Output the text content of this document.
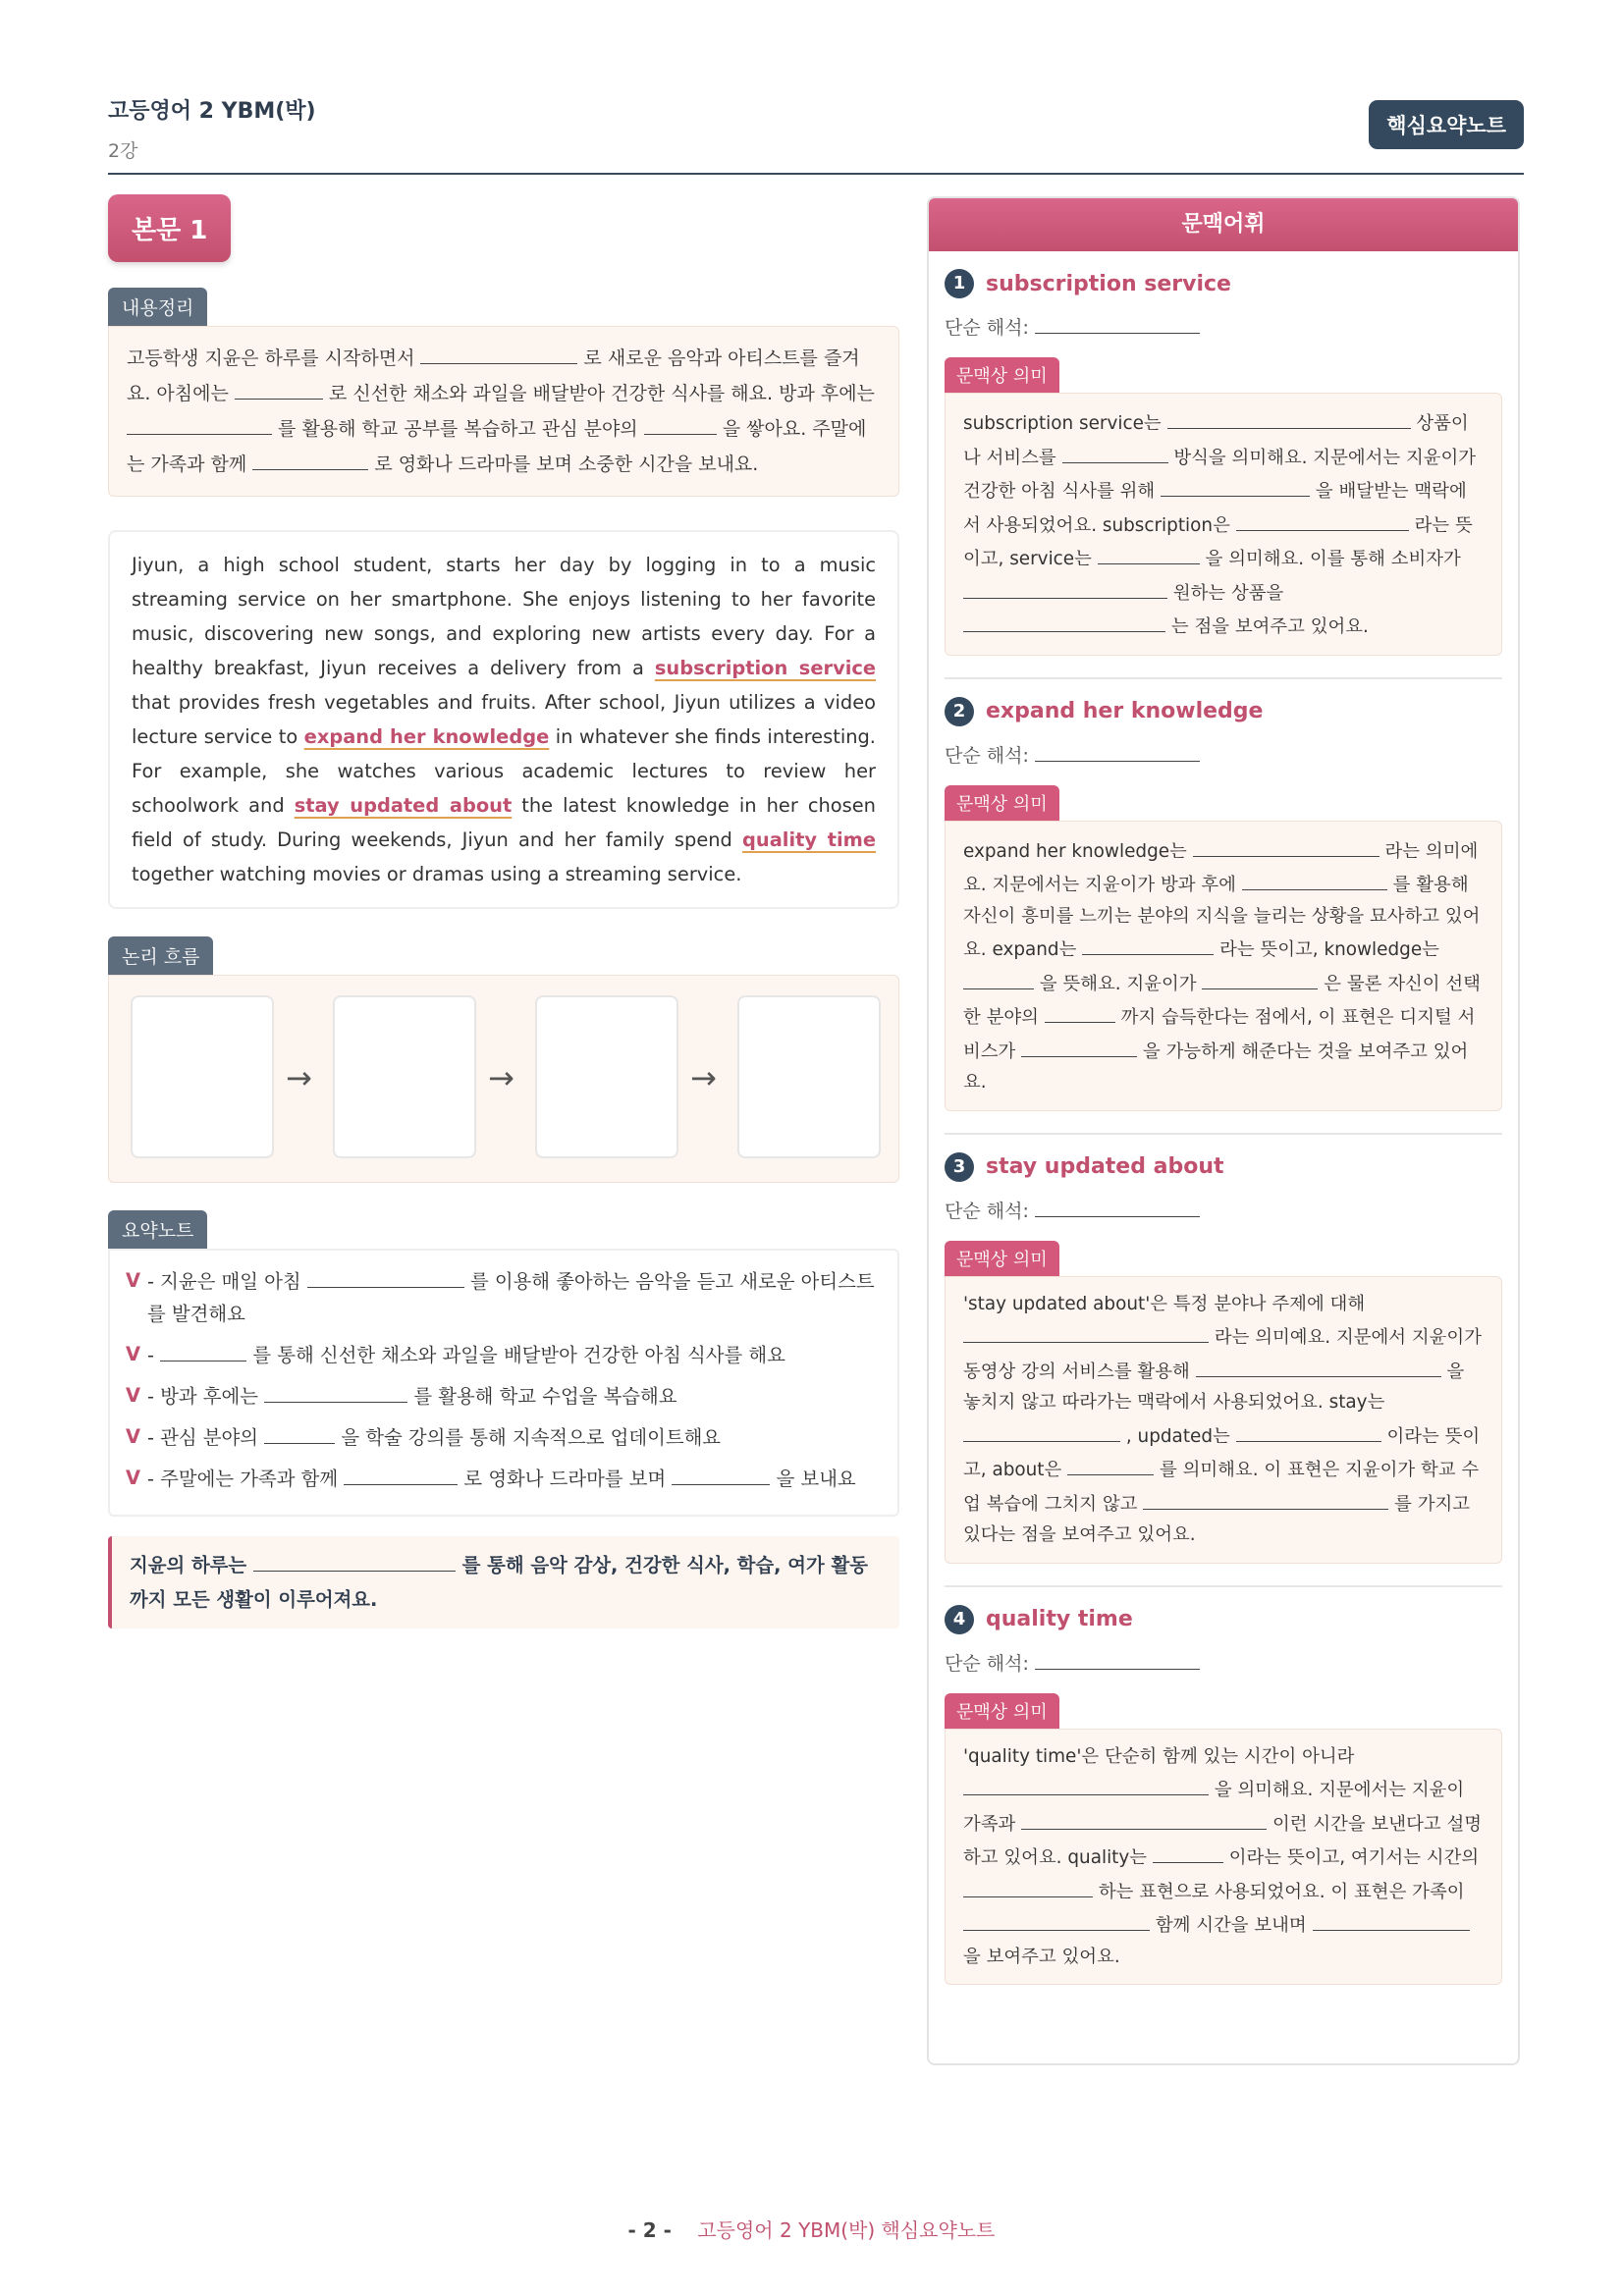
고등영어 2 YBM(박)
2강
핵심요약노트
본문 1
내용정리
고등학생 지윤은 하루를 시작하면서	로 새로운 음악과 아티스트를 즐겨요. 아침에는	로 신선한 채소와 과일을 배달받아 건강한 식사를 해요. 방과 후에는  를 활용해 학교 공부를 복습하고 관심 분야의	을 쌓아요. 주말에는 가족과 함께	로 영화나 드라마를 보며 소중한 시간을 보내요.
Jiyun, a high school student, starts her day by logging in to a music streaming service on her smartphone. She enjoys listening to her favorite music, discovering new songs, and exploring new artists every day. For a healthy breakfast, Jiyun receives a delivery from a subscription service that provides fresh vegetables and fruits. After school, Jiyun utilizes a video lecture service to expand her knowledge in whatever she finds interesting. For example, she watches various academic lectures to review her schoolwork and stay updated about the latest knowledge in her chosen field of study. During weekends, Jiyun and her family spend quality time together watching movies or dramas using a streaming service.
논리 흐름
→	→	→
요약노트
V - 지윤은 매일 아침	를 이용해 좋아하는 음악을 듣고 새로운 아티스트를 발견해요
V -	를 통해 신선한 채소와 과일을 배달받아 건강한 아침 식사를 해요
V - 방과 후에는	를 활용해 학교 수업을 복습해요
V - 관심 분야의	을 학술 강의를 통해 지속적으로 업데이트해요
V - 주말에는 가족과 함께	로 영화나 드라마를 보며	을 보내요
지윤의 하루는	를 통해 음악 감상, 건강한 식사, 학습, 여가 활동까지 모든 생활이 이루어져요.
문맥어휘
1 subscription service
단순 해석:
문맥상 의미
subscription service는	상품이나 서비스를	방식을 의미해요. 지문에서는 지윤이가 건강한 아침 식사를 위해	을 배달받는 맥락에서 사용되었어요. subscription은	라는 뜻이고, service는	을 의미해요. 이를 통해 소비자가  원하는 상품을  는 점을 보여주고 있어요.
2 expand her knowledge
단순 해석:
문맥상 의미
expand her knowledge는	라는 의미에요. 지문에서는 지윤이가 방과 후에	를 활용해 자신이 흥미를 느끼는 분야의 지식을 늘리는 상황을 묘사하고 있어요. expand는	라는 뜻이고, knowledge는  을 뜻해요. 지윤이가	은 물론 자신이 선택한 분야의	까지 습득한다는 점에서, 이 표현은 디지털 서비스가	을 가능하게 해준다는 것을 보여주고 있어요.
3 stay updated about
단순 해석:
문맥상 의미
'stay updated about'은 특정 분야나 주제에 대해  라는 의미예요. 지문에서 지윤이가 동영상 강의 서비스를 활용해	을 놓치지 않고 따라가는 맥락에서 사용되었어요. stay는  , updated는	이라는 뜻이고, about은	를 의미해요. 이 표현은 지윤이가 학교 수업 복습에 그치지 않고	를 가지고 있다는 점을 보여주고 있어요.
4 quality time
단순 해석:
문맥상 의미
'quality time'은 단순히 함께 있는 시간이 아니라  을 의미해요. 지문에서는 지윤이 가족과	이런 시간을 보낸다고 설명하고 있어요. quality는	이라는 뜻이고, 여기서는 시간의  하는 표현으로 사용되었어요. 이 표현은 가족이  함께 시간을 보내며  을 보여주고 있어요.
- 2 - 고등영어 2 YBM(박) 핵심요약노트
